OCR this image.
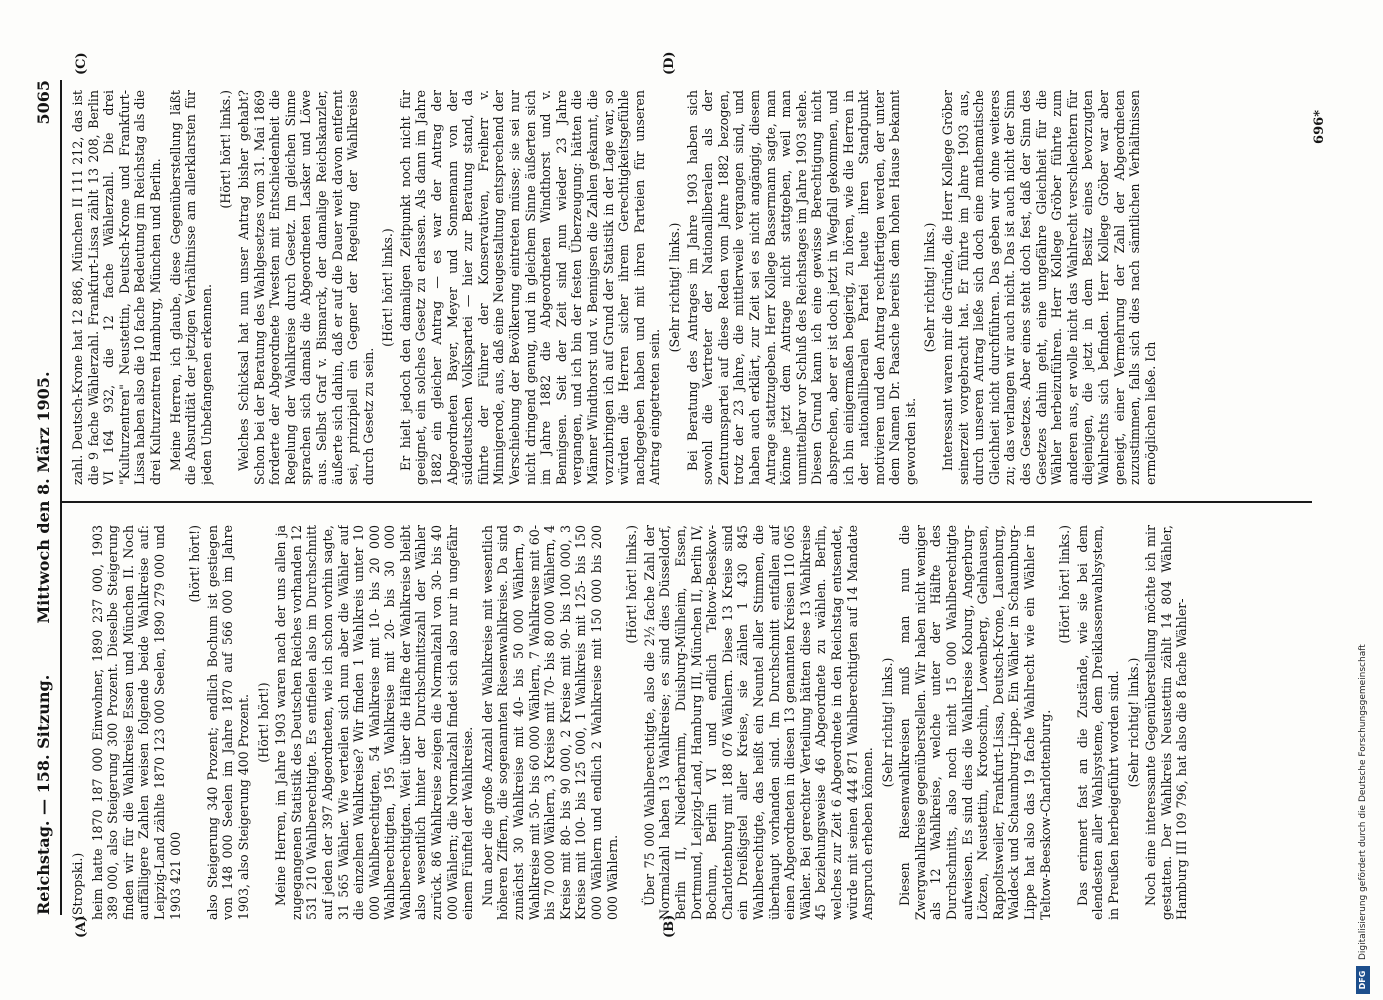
Reichstag. — 158. Sitzung.
Mittwoch den 8. März 1905.
5065
(A)	(B)
(C)	(D)

(Stropski.) heim hatte 1870 187 000 Einwohner, 1890 237 000, 1903 389 000, also Steigerung 300 Prozent. Dieselbe Steigerung finden wir für die Wahlkreise Essen und München II. Noch auffälligere Zahlen weisen folgende beide Wahlkreise auf: Leipzig-Land zählte 1870 123 000 Seelen, 1890 279 000 und 1903 421 000

(hört! hört!) also Steigerung 340 Prozent; endlich Bochum ist gestiegen von 148 000 Seelen im Jahre 1870 auf 566 000 im Jahre 1903, also Steigerung 400 Prozent. (Hört! hört!) Meine Herren, im Jahre 1903 waren nach der uns allen ja zugegangenen Statistik des Deutschen Reiches vorhanden 12 531 210 Wahlberechtigte. Es entfielen also im Durchschnitt auf jeden der 397 Abgeordneten, wie ich schon vorhin sagte, 31 565 Wähler. Wie verteilen sich nun aber die Wähler auf die einzelnen Wahlkreise? Wir finden 1 Wahlkreis unter 10 000 Wahlberechtigten, 54 Wahlkreise mit 10- bis 20 000 Wahlberechtigten, 195 Wahlkreise mit 20- bis 30 000 Wahlberechtigten. Weit über die Hälfte der Wahlkreise bleibt also wesentlich hinter der Durchschnittszahl der Wähler zurück. 86 Wahlkreise zeigen die Normalzahl von 30- bis 40 000 Wählern; die Normalzahl findet sich also nur in ungefähr einem Fünftel der Wahlkreise. Nun aber die große Anzahl der Wahlkreise mit wesentlich höheren Ziffern, die sogenannten Riesenwahlkreise. Da sind zunächst 30 Wahlkreise mit 40- bis 50 000 Wählern, 9 Wahlkreise mit 50- bis 60 000 Wählern, 7 Wahlkreise mit 60- bis 70 000 Wählern, 3 Kreise mit 70- bis 80 000 Wählern, 4 Kreise mit 80- bis 90 000, 2 Kreise mit 90- bis 100 000, 3 Kreise mit 100- bis 125 000, 1 Wahlkreis mit 125- bis 150 000 Wählern und endlich 2 Wahlkreise mit 150 000 bis 200 000 Wählern.

(Hört! hört! links.) Über 75 000 Wahlberechtigte, also die 2½ fache Zahl der Normalzahl haben 13 Wahlkreise; es sind dies Düsseldorf, Berlin II, Niederbarnim, Duisburg-Mülheim, Essen, Dortmund, Leipzig-Land, Hamburg III, München II, Berlin IV, Bochum, Berlin VI und endlich Teltow-Beeskow-Charlottenburg mit 188 076 Wählern. Diese 13 Kreise sind ein Dreißigstel aller Kreise, sie zählen 1 430 845 Wahlberechtigte, das heißt ein Neuntel aller Stimmen, die überhaupt vorhanden sind. Im Durchschnitt entfallen auf einen Abgeordneten in diesen 13 genannten Kreisen 110 065 Wähler. Bei gerechter Verteilung hätten diese 13 Wahlkreise 45 beziehungsweise 46 Abgeordnete zu wählen. Berlin, welches zur Zeit 6 Abgeordnete in den Reichstag entsendet, würde mit seinen 444 871 Wahlberechtigten auf 14 Mandate Anspruch erheben können.

(Sehr richtig! links.) Diesen Riesenwahlkreisen muß man nun die Zwergwahlkreise gegenüberstellen. Wir haben nicht weniger als 12 Wahlkreise, welche unter der Hälfte des Durchschnitts, also noch nicht 15 000 Wahlberechtigte aufweisen. Es sind dies die Wahlkreise Koburg, Angerburg-Lötzen, Neustettin, Krotoschin, Lowenberg, Gelnhausen, Rappoltsweiler, Frankfurt-Lissa, Deutsch-Krone, Lauenburg, Waldeck und Schaumburg-Lippe. Ein Wähler in Schaumburg-Lippe hat also das 19 fache Wahlrecht wie ein Wähler in Teltow-Beeskow-Charlottenburg.

(Hört! hört! links.) Das erinnert fast an die Zustände, wie sie bei dem elendesten aller Wahlsysteme, dem Dreiklassenwahlsystem, in Preußen herbeigeführt worden sind. (Sehr richtig! links.) Noch eine interessante Gegenüberstellung möchte ich mir gestatten. Der Wahlkreis Neustettin zählt 14 804 Wähler, Hamburg III 109 796, hat also die 8 fache Wähler-

zahl. Deutsch-Krone hat 12 886, München II 111 212, das ist die 9 fache Wählerzahl. Frankfurt-Lissa zählt 13 208, Berlin VI 164 932, die 12 fache Wählerzahl. Die drei "Kulturzentren" Neustettin, Deutsch-Krone und Frankfurt-Lissa haben also die 10 fache Bedeutung im Reichstag als die drei Kulturzentren Hamburg, München und Berlin. Meine Herren, ich glaube, diese Gegenüberstellung läßt die Absurdität der jetzigen Verhältnisse am allerklarsten für jeden Unbefangenen erkennen.

(Hört! hört! links.) Welches Schicksal hat nun unser Antrag bisher gehabt? Schon bei der Beratung des Wahlgesetzes vom 31. Mai 1869 forderte der Abgeordnete Twesten mit Entschiedenheit die Regelung der Wahlkreise durch Gesetz. Im gleichen Sinne sprachen sich damals die Abgeordneten Lasker und Löwe aus. Selbst Graf v. Bismarck, der damalige Reichskanzler, äußerte sich dahin, daß er auf die Dauer weit davon entfernt sei, prinzipiell ein Gegner der Regelung der Wahlkreise durch Gesetz zu sein.

(Hört! hört! links.) Er hielt jedoch den damaligen Zeitpunkt noch nicht für geeignet, ein solches Gesetz zu erlassen. Als dann im Jahre 1882 ein gleicher Antrag — es war der Antrag der Abgeordneten Bayer, Meyer und Sonnemann von der süddeutschen Volkspartei — hier zur Beratung stand, da führte der Führer der Konservativen, Freiherr v. Minnigerode, aus, daß eine Neugestaltung entsprechend der Verschiebung der Bevölkerung eintreten müsse; sie sei nur nicht dringend genug, und in gleichem Sinne äußerten sich im Jahre 1882 die Abgeordneten Windthorst und v. Bennigsen. Seit der Zeit sind nun wieder 23 Jahre vergangen, und ich bin der festen Überzeugung: hätten die Männer Windthorst und v. Bennigsen die Zahlen gekannt, die vorzubringen ich auf Grund der Statistik in der Lage war, so würden die Herren sicher ihrem Gerechtigkeitsgefühle nachgegeben haben und mit ihren Parteien für unseren Antrag eingetreten sein.

(Sehr richtig! links.) Bei Beratung des Antrages im Jahre 1903 haben sich sowohl die Vertreter der Nationalliberalen als der Zentrumspartei auf diese Reden vom Jahre 1882 bezogen, trotz der 23 Jahre, die mittlerweile vergangen sind, und haben auch erklärt, zur Zeit sei es nicht angängig, diesem Antrage stattzugeben. Herr Kollege Bassermann sagte, man könne jetzt dem Antrage nicht stattgeben, weil man unmittelbar vor Schluß des Reichstages im Jahre 1903 stehe. Diesen Grund kann ich eine gewisse Berechtigung nicht absprechen, aber er ist doch jetzt in Wegfall gekommen, und ich bin einigermaßen begierig, zu hören, wie die Herren in der nationalliberalen Partei heute ihren Standpunkt motivieren und den Antrag rechtfertigen werden, der unter dem Namen Dr. Paasche bereits dem hohen Hause bekannt geworden ist.

(Sehr richtig! links.) Interessant waren mir die Gründe, die Herr Kollege Gröber seinerzeit vorgebracht hat. Er führte im Jahre 1903 aus, durch unseren Antrag ließe sich doch eine mathematische Gleichheit nicht durchführen. Das geben wir ohne weiteres zu; das verlangen wir auch nicht. Das ist auch nicht der Sinn des Gesetzes. Aber eines steht doch fest, daß der Sinn des Gesetzes dahin geht, eine ungefähre Gleichheit für die Wähler herbeizuführen. Herr Kollege Gröber führte zum anderen aus, er wolle nicht das Wahlrecht verschlechtern für diejenigen, die jetzt in dem Besitz eines bevorzugten Wahlrechts sich befinden. Herr Kollege Gröber war aber geneigt, einer Vermehrung der Zahl der Abgeordneten zuzustimmen, falls sich dies nach sämtlichen Verhältnissen ermöglichen ließe. Ich

696*
DFG
Digitalisierung gefördert durch die Deutsche Forschungsgemeinschaft
